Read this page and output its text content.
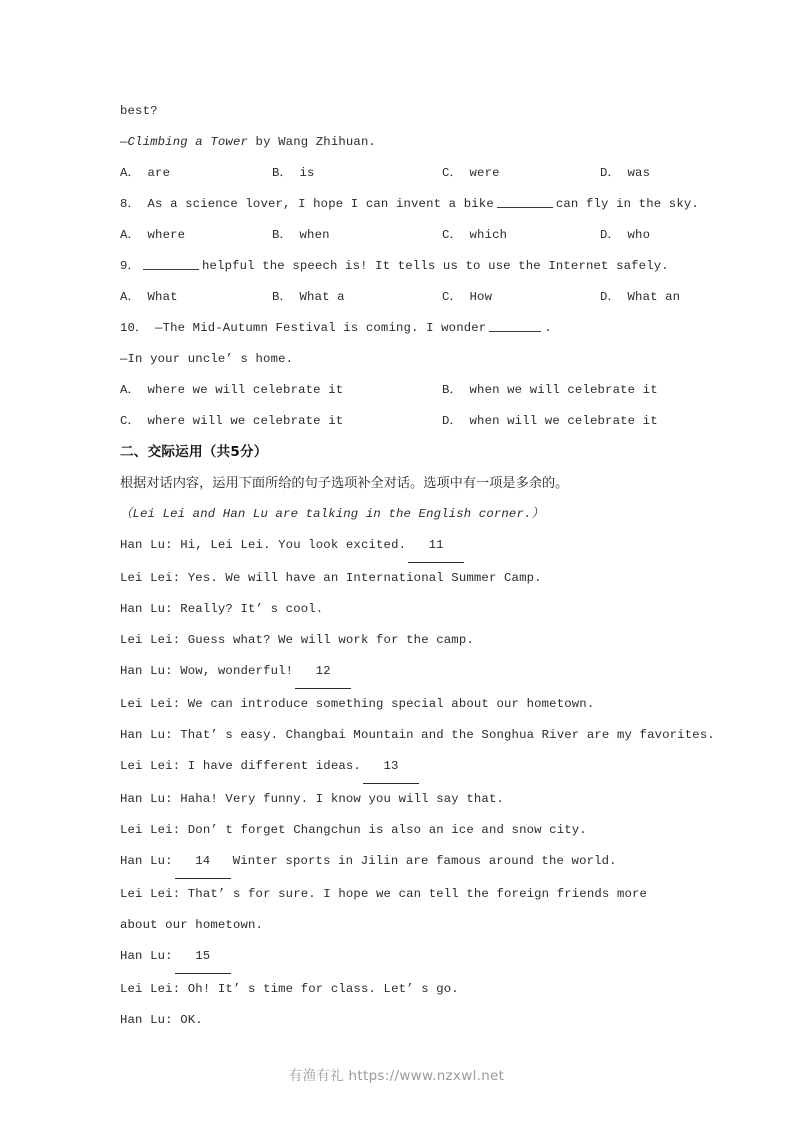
best?
—Climbing a Tower by Wang Zhihuan.
A． are	B． is	C． were	D． was
8． As a science lover, I hope I can invent a bike	can fly in the sky.
A． where	B． when	C． which	D． who
9．	helpful the speech is! It tells us to use the Internet safely.
A． What	B． What a	C． How	D． What an
10． —The Mid-Autumn Festival is coming. I wonder	.
—In your uncle’ s home.
A． where we will celebrate it	B． when we will celebrate it
C． where will we celebrate it	D． when will we celebrate it
二、交际运用（共5分）
根据对话内容，运用下面所给的句子选项补全对话。选项中有一项是多余的。
（Lei Lei and Han Lu are talking in the English corner.）
Han Lu: Hi, Lei Lei. You look excited. 11
Lei Lei: Yes. We will have an International Summer Camp.
Han Lu: Really? It’ s cool.
Lei Lei: Guess what? We will work for the camp.
Han Lu: Wow, wonderful! 12
Lei Lei: We can introduce something special about our hometown.
Han Lu: That’ s easy. Changbai Mountain and the Songhua River are my favorites.
Lei Lei: I have different ideas. 13
Han Lu: Haha! Very funny. I know you will say that.
Lei Lei: Don’ t forget Changchun is also an ice and snow city.
Han Lu: 14 Winter sports in Jilin are famous around the world.
Lei Lei: That’ s for sure. I hope we can tell the foreign friends more about our hometown.
Han Lu: 15
Lei Lei: Oh! It’ s time for class. Let’ s go.
Han Lu: OK.
有渔有礼 https://www.nzxwl.net
